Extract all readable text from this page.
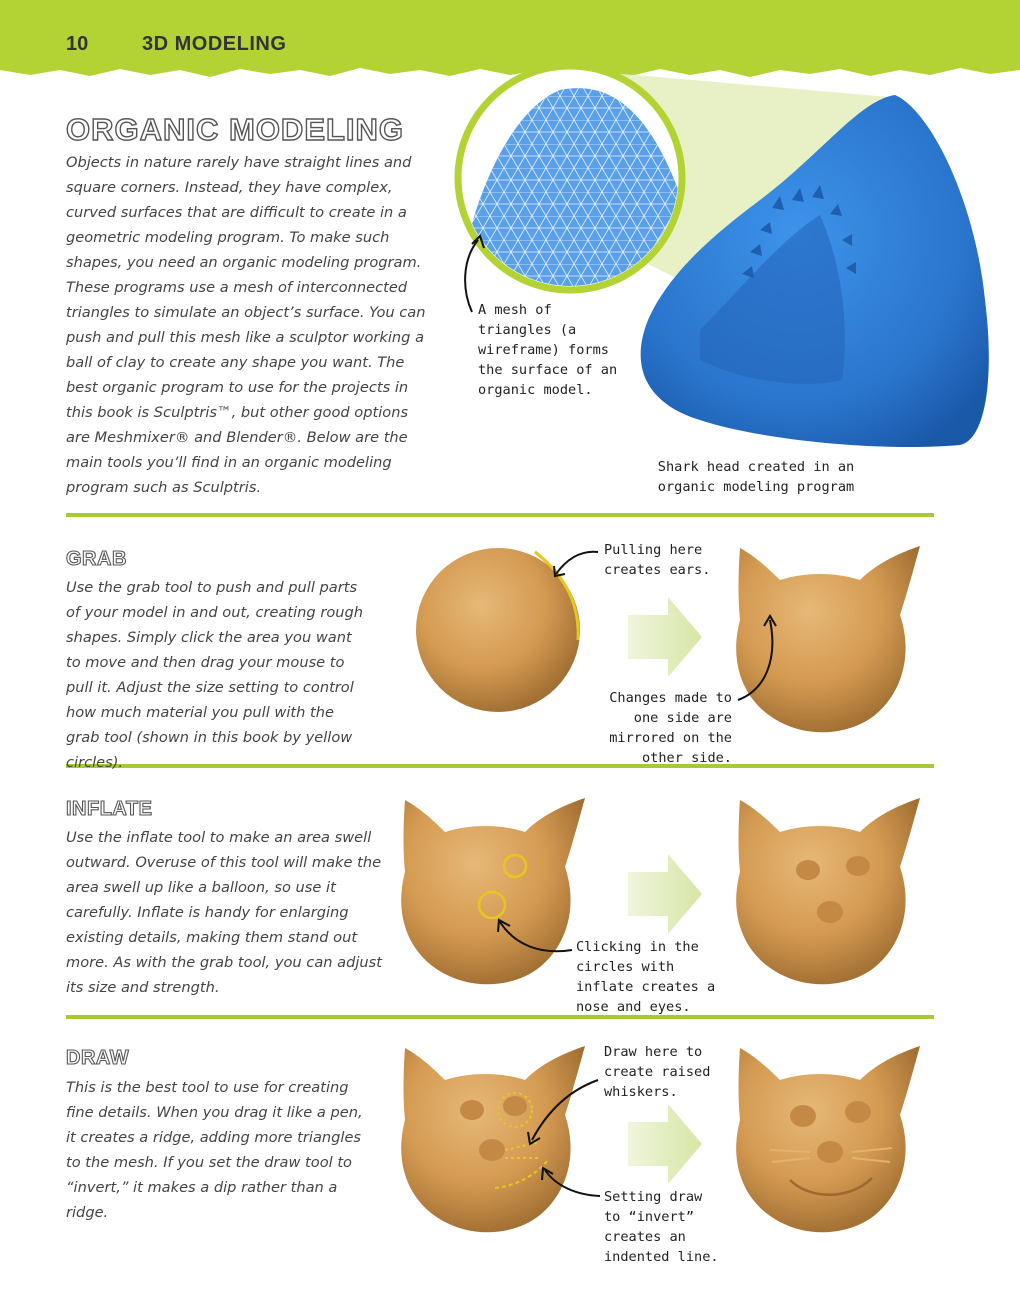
10	3D MODELING
ORGANIC MODELING
Objects in nature rarely have straight lines and square corners. Instead, they have complex, curved surfaces that are difficult to create in a geometric modeling program. To make such shapes, you need an organic modeling program. These programs use a mesh of interconnected triangles to simulate an object’s surface. You can push and pull this mesh like a sculptor working a ball of clay to create any shape you want. The best organic program to use for the projects in this book is Sculptris™, but other good options are Meshmixer® and Blender®. Below are the main tools you’ll find in an organic modeling program such as Sculptris.
A mesh of triangles (a wireframe) forms the surface of an organic model.
Shark head created in an organic modeling program
GRAB
Use the grab tool to push and pull parts of your model in and out, creating rough shapes. Simply click the area you want to move and then drag your mouse to pull it. Adjust the size setting to control how much material you pull with the grab tool (shown in this book by yellow circles).
Pulling here creates ears.
Changes made to one side are mirrored on the other side.
INFLATE
Use the inflate tool to make an area swell outward. Overuse of this tool will make the area swell up like a balloon, so use it carefully. Inflate is handy for enlarging existing details, making them stand out more. As with the grab tool, you can adjust its size and strength.
Clicking in the circles with inflate creates a nose and eyes.
DRAW
This is the best tool to use for creating fine details. When you drag it like a pen, it creates a ridge, adding more triangles to the mesh. If you set the draw tool to “invert,” it makes a dip rather than a ridge.
Draw here to create raised whiskers.
Setting draw to “invert” creates an indented line.
